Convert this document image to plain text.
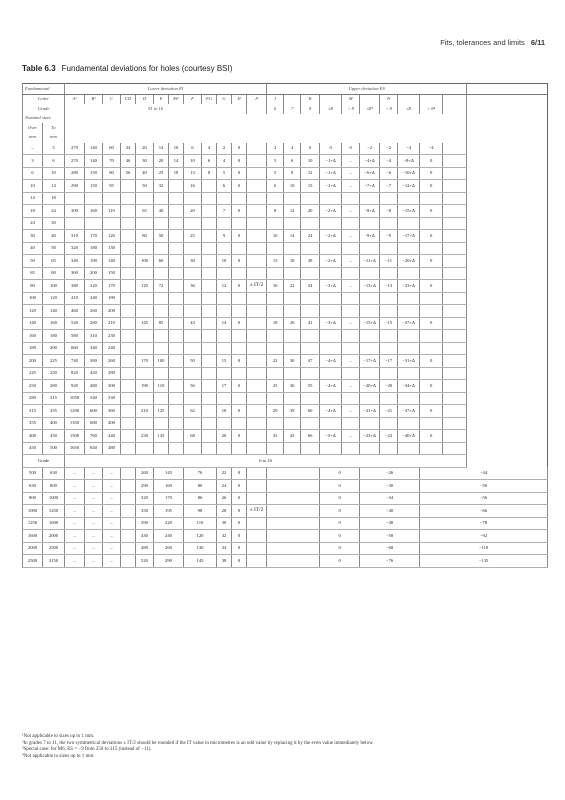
Fits, tolerances and limits 6/11
Table 6.3 Fundamental deviations for holes (courtesy BSI)
Fundamental		Lower deviation EI												Upper deviation ES									
Letter		A¹	B¹	C	CD	D	E	EF	F	FG	G	H	J²	J		K		M		N			
Grade		01 to 16												6	7	8	≤8	> 8	≤8³	> 8	≤8	> 8⁴	
Nominal sizes																							
Over	To																						
mm	mm																						
–	3	270	140	60	34	20	14	10	6	4	2	0		2	4	6	0	0	−2	−2	−4	−4	
3	6	270	140	70	46	30	20	14	10	6	4	0		5	6	10	−1+Δ	–	−4+Δ	−4	−8+Δ	0	
6	10	280	150	80	56	40	25	18	13	8	5	0		5	8	12	−1+Δ	–	−6+Δ	−6	−10+Δ	0	
10	14	290	150	95		50	32		16		6	0		6	10	15	−1+Δ	–	−7+Δ	−7	−12+Δ	0	
14	18																						
18	24	300	160	110		65	40		20		7	0		8	12	20	−2+Δ	–	−8+Δ	−8	−15+Δ	0	
24	30																						
30	40	310	170	120		80	50		25		9	0		10	14	24	−2+Δ	–	−9+Δ	−9	−17+Δ	0	
40	50	320	180	130																			
50	65	340	190	140		100	60		30		10	0		13	18	28	−2+Δ	–	−11+Δ	−11	−20+Δ	0	
65	80	360	200	150																			
80	100	380	220	170		120	72		36		12	0	± IT/2	16	22	34	−3+Δ	–	−13+Δ	−13	−23+Δ	0	
100	120	410	240	180																			
120	140	460	260	200																			
140	160	520	280	210		145	85		43		14	0		18	26	41	−3+Δ	–	−15+Δ	−15	−27+Δ	0	
160	180	580	310	230																			
180	200	660	340	240																			
200	225	740	380	260		170	100		50		15	0		22	30	47	−4+Δ	–	−17+Δ	−17	−31+Δ	0	
225	250	820	420	280																			
250	280	920	480	300		190	110		56		17	0		25	36	55	−4+Δ	–	−20+Δ	−20	−34+Δ	0	
280	315	1050	540	330																			
315	355	1200	600	360		210	125		62		18	0		29	39	60	−4+Δ	–	−21+Δ	−21	−37+Δ	0	
355	400	1350	680	400																			
400	450	1500	760	440		230	135		68		20	0		33	43	66	−5+Δ	–	−23+Δ	−23	−40+Δ	0	
450	500	1650	840	480																			
Grade		6 to 16																					
500	630	–	–	–		260	145		76		22	0					0		−26			−44	
630	800	–	–	–		290	160		80		24	0					0		−30			−50	
800	1000	–	–	–		320	170		86		26	0					0		−34			−56	
1000	1250	–	–	–		350	195		98		28	0	± IT/2				0		−40			−66	
1250	1600	–	–	–		390	220		110		30	0					0		−48			−78	
1600	2000	–	–	–		430	240		120		32	0					0		−58			−92	
2000	2500	–	–	–		480	260		130		34	0					0		−68			−110	
2500	3150	–	–	–		520	290		145		38	0					0		−76			−135	
¹Not applicable to sizes up to 1 mm.
²In grades 7 to 11, the two symmetrical deviations ± IT/2 should be rounded if the IT value in micrometres is an odd value by replacing it by the even value immediately below.
³Special case: for M6, ES = −9 from 250 to 315 (instead of −11).
⁴Not applicable to sizes up to 1 mm.
